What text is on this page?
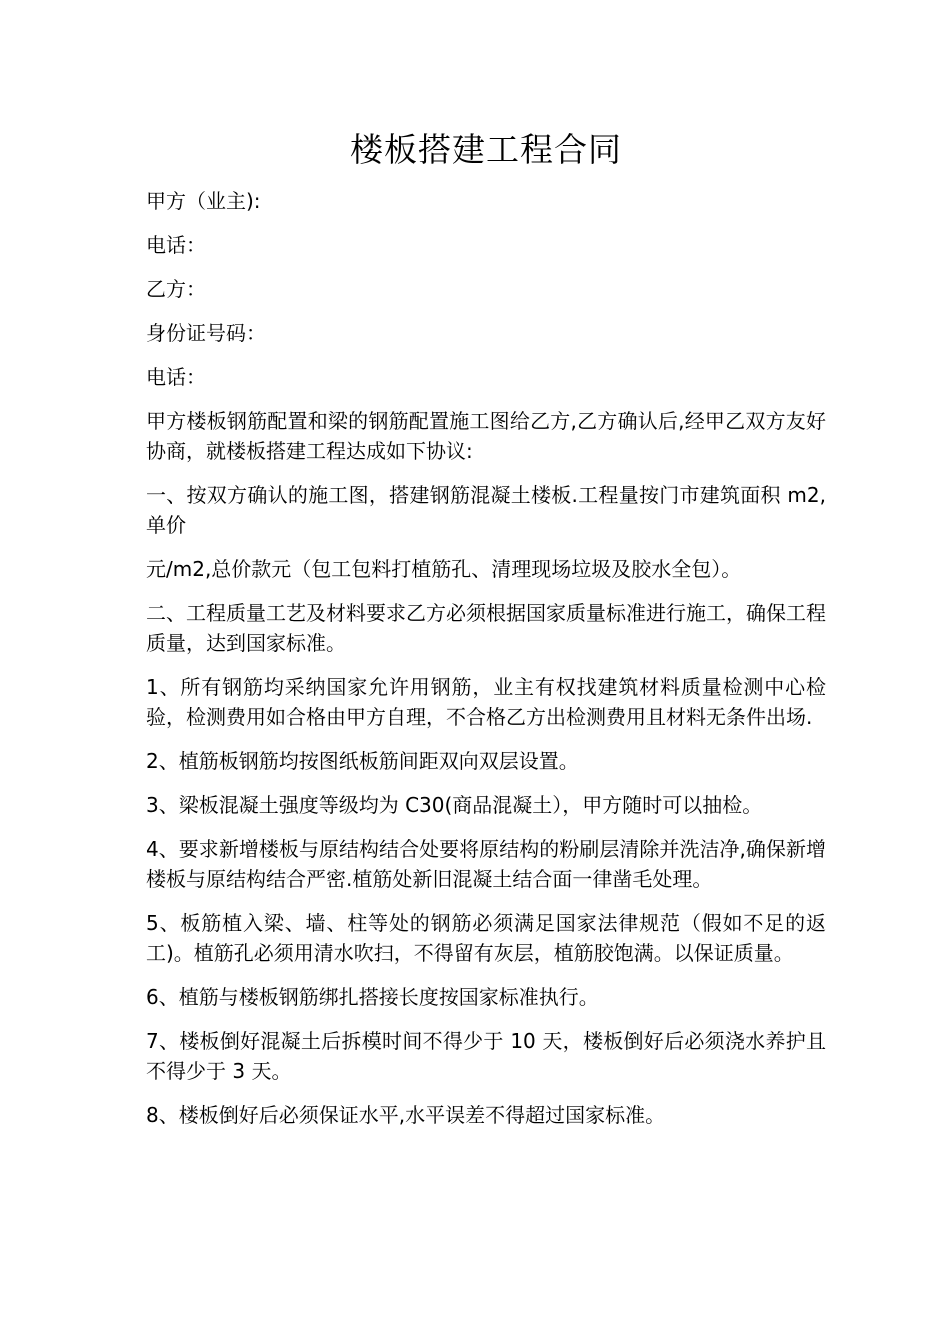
楼板搭建工程合同

甲方（业主):

电话：

乙方：

身份证号码：

电话：

甲方楼板钢筋配置和梁的钢筋配置施工图给乙方,乙方确认后,经甲乙双方友好协商，就楼板搭建工程达成如下协议:

一、按双方确认的施工图，搭建钢筋混凝土楼板.工程量按门市建筑面积 m2,单价

元/m2,总价款元（包工包料打植筋孔、清理现场垃圾及胶水全包）。

二、工程质量工艺及材料要求乙方必须根据国家质量标准进行施工，确保工程质量，达到国家标准。

1、所有钢筋均采纳国家允许用钢筋，业主有权找建筑材料质量检测中心检验，检测费用如合格由甲方自理，不合格乙方出检测费用且材料无条件出场.

2、植筋板钢筋均按图纸板筋间距双向双层设置。

3、梁板混凝土强度等级均为 C30(商品混凝土），甲方随时可以抽检。

4、要求新增楼板与原结构结合处要将原结构的粉刷层清除并洗洁净,确保新增楼板与原结构结合严密.植筋处新旧混凝土结合面一律凿毛处理。

5、板筋植入梁、墙、柱等处的钢筋必须满足国家法律规范（假如不足的返工)。植筋孔必须用清水吹扫，不得留有灰层，植筋胶饱满。以保证质量。

6、植筋与楼板钢筋绑扎搭接长度按国家标准执行。

7、楼板倒好混凝土后拆模时间不得少于 10 天，楼板倒好后必须浇水养护且不得少于 3 天。

8、楼板倒好后必须保证水平,水平误差不得超过国家标准。
